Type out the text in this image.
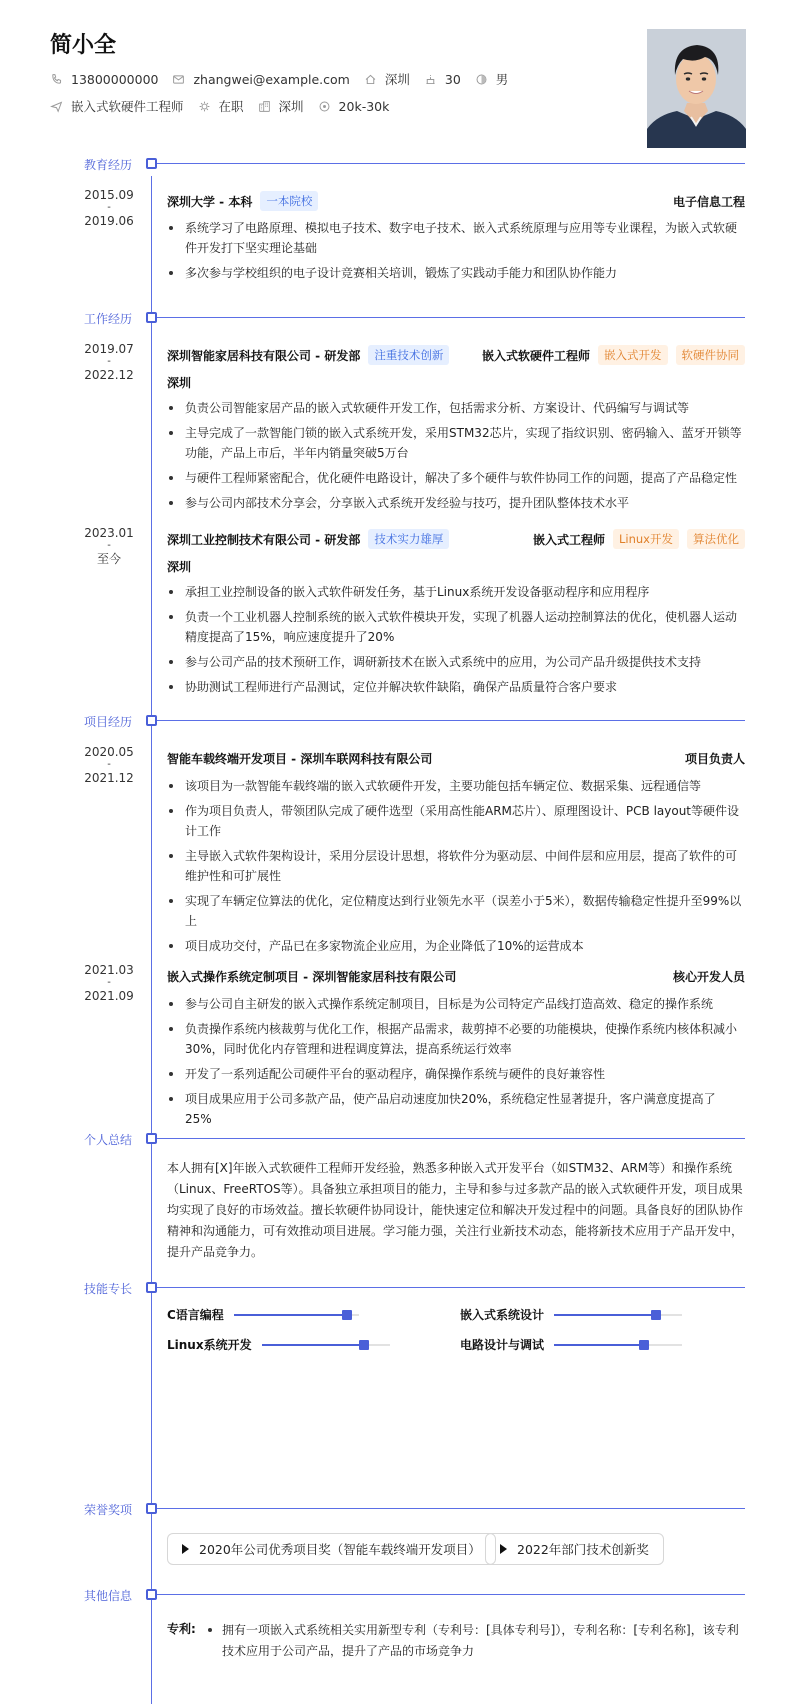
简小全
13800000000	zhangwei@example.com	深圳	30	男
嵌入式软硬件工程师	在职	深圳	20k-30k
教育经历
2015.09
-
2019.06
深圳大学 - 本科	一本院校	电子信息工程
系统学习了电路原理、模拟电子技术、数字电子技术、嵌入式系统原理与应用等专业课程，为嵌入式软硬件开发打下坚实理论基础
多次参与学校组织的电子设计竞赛相关培训，锻炼了实践动手能力和团队协作能力
工作经历
2019.07
-
2022.12
深圳智能家居科技有限公司 - 研发部	注重技术创新	嵌入式软硬件工程师	嵌入式开发	软硬件协同
深圳
负责公司智能家居产品的嵌入式软硬件开发工作，包括需求分析、方案设计、代码编写与调试等
主导完成了一款智能门锁的嵌入式系统开发，采用STM32芯片，实现了指纹识别、密码输入、蓝牙开锁等功能，产品上市后，半年内销量突破5万台
与硬件工程师紧密配合，优化硬件电路设计，解决了多个硬件与软件协同工作的问题，提高了产品稳定性
参与公司内部技术分享会，分享嵌入式系统开发经验与技巧，提升团队整体技术水平
2023.01
-
至今
深圳工业控制技术有限公司 - 研发部	技术实力雄厚	嵌入式工程师	Linux开发	算法优化
深圳
承担工业控制设备的嵌入式软件研发任务，基于Linux系统开发设备驱动程序和应用程序
负责一个工业机器人控制系统的嵌入式软件模块开发，实现了机器人运动控制算法的优化，使机器人运动精度提高了15%，响应速度提升了20%
参与公司产品的技术预研工作，调研新技术在嵌入式系统中的应用，为公司产品升级提供技术支持
协助测试工程师进行产品测试，定位并解决软件缺陷，确保产品质量符合客户要求
项目经历
2020.05
-
2021.12
智能车载终端开发项目 - 深圳车联网科技有限公司	项目负责人
该项目为一款智能车载终端的嵌入式软硬件开发，主要功能包括车辆定位、数据采集、远程通信等
作为项目负责人，带领团队完成了硬件选型（采用高性能ARM芯片）、原理图设计、PCB layout等硬件设计工作
主导嵌入式软件架构设计，采用分层设计思想，将软件分为驱动层、中间件层和应用层，提高了软件的可维护性和可扩展性
实现了车辆定位算法的优化，定位精度达到行业领先水平（误差小于5米），数据传输稳定性提升至99%以上
项目成功交付，产品已在多家物流企业应用，为企业降低了10%的运营成本
2021.03
-
2021.09
嵌入式操作系统定制项目 - 深圳智能家居科技有限公司	核心开发人员
参与公司自主研发的嵌入式操作系统定制项目，目标是为公司特定产品线打造高效、稳定的操作系统
负责操作系统内核裁剪与优化工作，根据产品需求，裁剪掉不必要的功能模块，使操作系统内核体积减小30%，同时优化内存管理和进程调度算法，提高系统运行效率
开发了一系列适配公司硬件平台的驱动程序，确保操作系统与硬件的良好兼容性
项目成果应用于公司多款产品，使产品启动速度加快20%，系统稳定性显著提升，客户满意度提高了25%
个人总结
本人拥有[X]年嵌入式软硬件工程师开发经验，熟悉多种嵌入式开发平台（如STM32、ARM等）和操作系统（Linux、FreeRTOS等）。具备独立承担项目的能力，主导和参与过多款产品的嵌入式软硬件开发，项目成果均实现了良好的市场效益。擅长软硬件协同设计，能快速定位和解决开发过程中的问题。具备良好的团队协作精神和沟通能力，可有效推动项目进展。学习能力强，关注行业新技术动态，能将新技术应用于产品开发中，提升产品竞争力。
技能专长
C语言编程	嵌入式系统设计
Linux系统开发	电路设计与调试
荣誉奖项
2020年公司优秀项目奖（智能车载终端开发项目）	2022年部门技术创新奖
其他信息
专利:	拥有一项嵌入式系统相关实用新型专利（专利号：[具体专利号]），专利名称：[专利名称]，该专利技术应用于公司产品，提升了产品的市场竞争力
